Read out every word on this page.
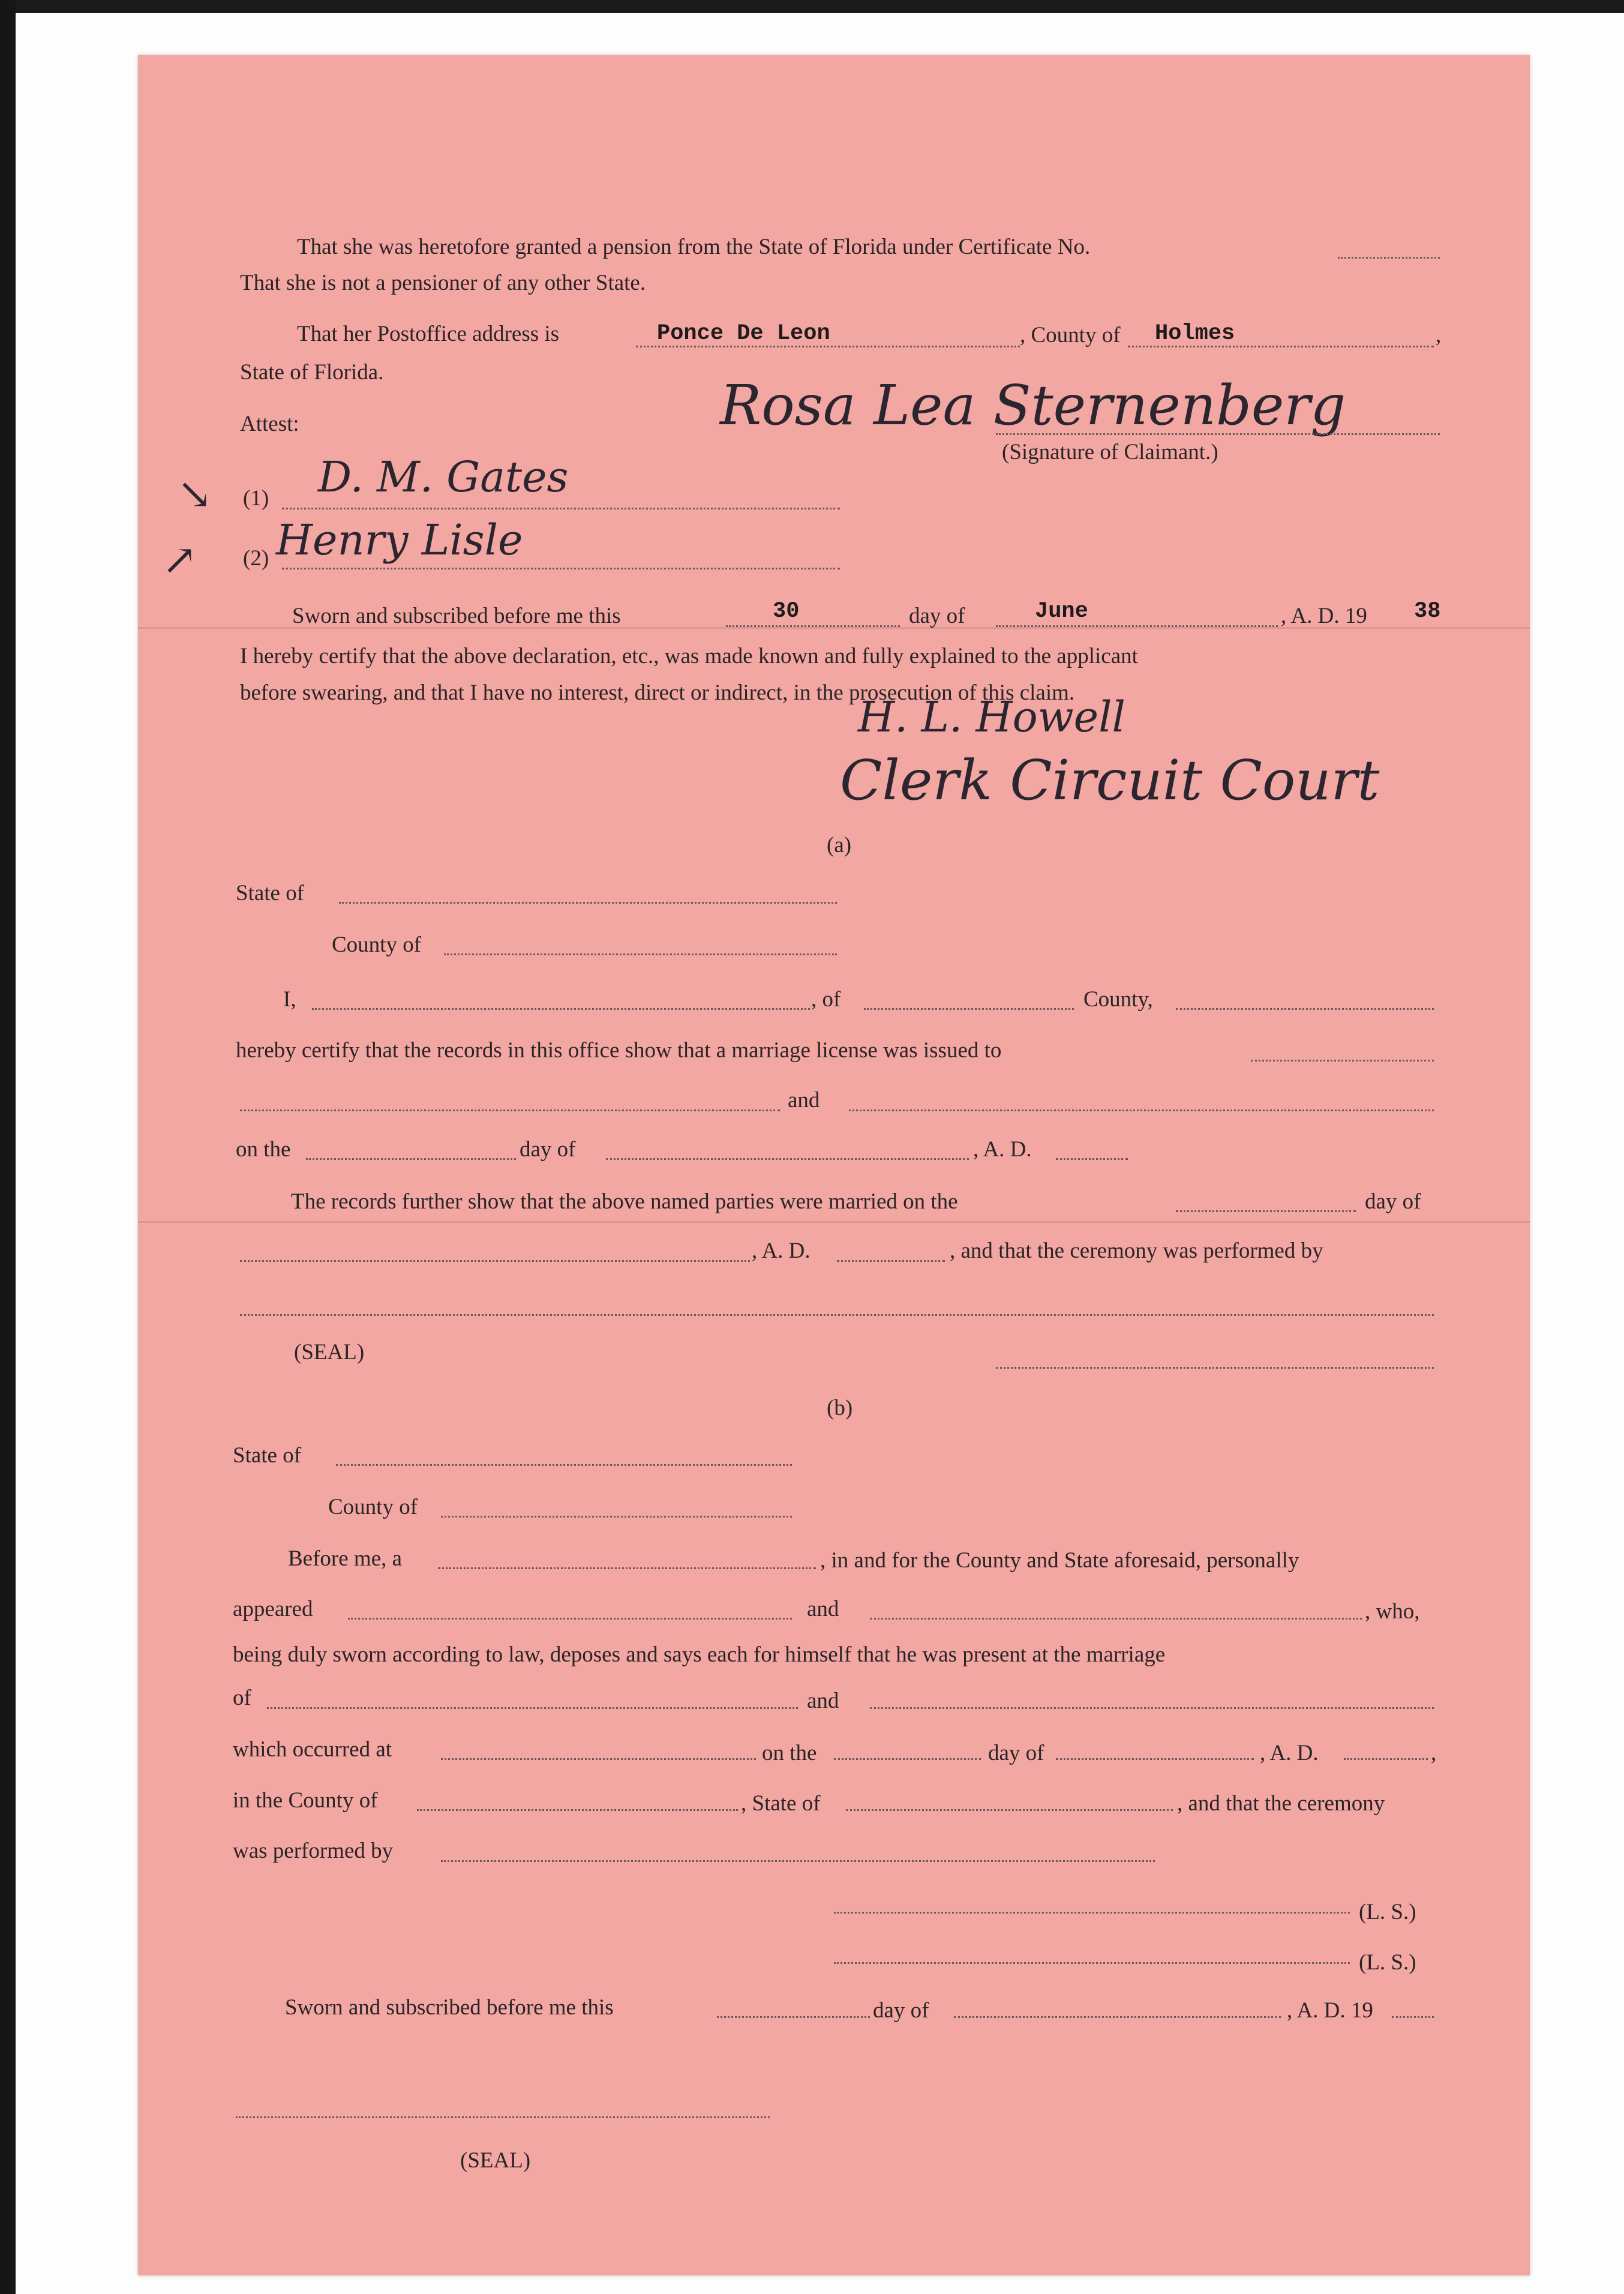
That she was heretofore granted a pension from the State of Florida under Certificate No.
That she is not a pensioner of any other State.
That her Postoffice address is	Ponce De Leon	, County of Holmes	,
State of Florida.
Attest:	Rosa Lea Sternenberg
(Signature of Claimant.)
↘ (1) D. M. Gates
↗ (2) Henry Lisle
Sworn and subscribed before me this	30	day of	June	, A. D. 19 38
I hereby certify that the above declaration, etc., was made known and fully explained to the applicant
before swearing, and that I have no interest, direct or indirect, in the prosecution of this claim.
H. L. Howell
Clerk Circuit Court
(a)
State of
County of
I,	, of	County,
hereby certify that the records in this office show that a marriage license was issued to
and
on the	day of	, A. D.
The records further show that the above named parties were married on the	day of
, A. D.	, and that the ceremony was performed by
(SEAL)
(b)
State of
County of
Before me, a	, in and for the County and State aforesaid, personally
appeared	and	, who,
being duly sworn according to law, deposes and says each for himself that he was present at the marriage
of	and
which occurred at	on the	day of	, A. D.	,
in the County of	, State of	, and that the ceremony
was performed by
(L. S.)
(L. S.)
Sworn and subscribed before me this	day of	, A. D. 19
(SEAL)
